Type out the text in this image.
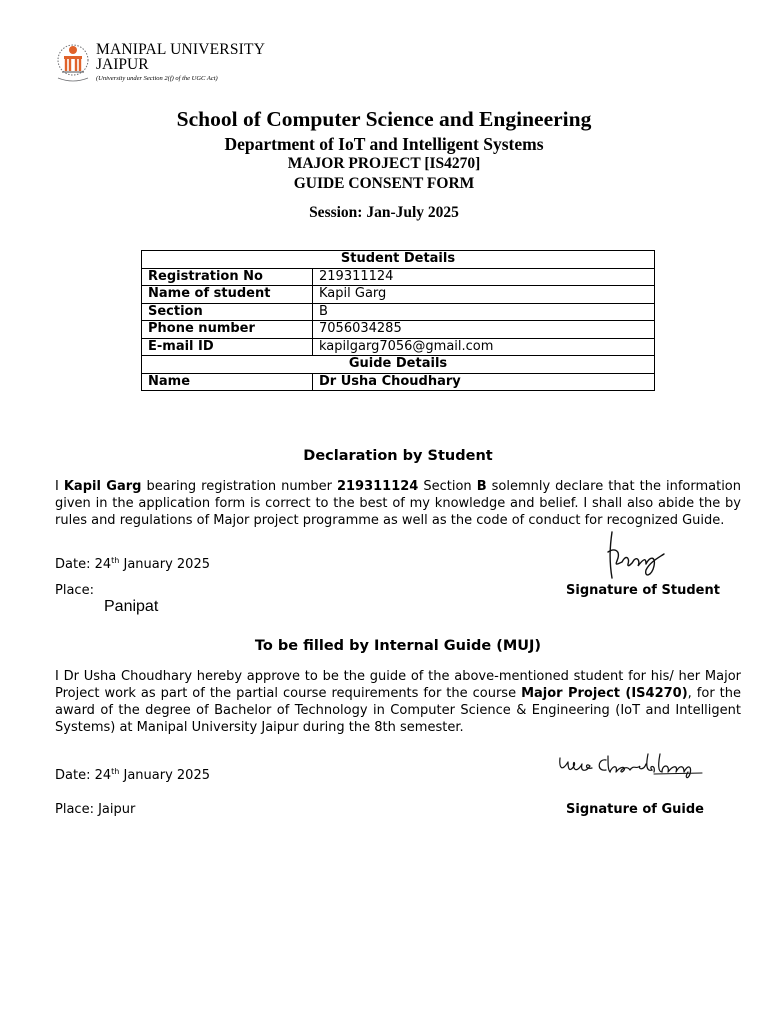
MANIPAL UNIVERSITY
JAIPUR
(University under Section 2(f) of the UGC Act)
School of Computer Science and Engineering
Department of IoT and Intelligent Systems
MAJOR PROJECT [IS4270]
GUIDE CONSENT FORM
Session: Jan-July 2025
Student Details	
Registration No	219311124
Name of student	Kapil Garg
Section	B
Phone number	7056034285
E-mail ID	kapilgarg7056@gmail.com
Guide Details	
Name	Dr Usha Choudhary
Declaration by Student

I Kapil Garg bearing registration number 219311124 Section B solemnly declare that the information given in the application form is correct to the best of my knowledge and belief. I shall also abide the by rules and regulations of Major project programme as well as the code of conduct for recognized Guide.

Date: 24th January 2025
Place:
Panipat
Signature of Student
To be filled by Internal Guide (MUJ)

I Dr Usha Choudhary hereby approve to be the guide of the above-mentioned student for his/ her Major Project work as part of the partial course requirements for the course Major Project (IS4270), for the award of the degree of Bachelor of Technology in Computer Science & Engineering (IoT and Intelligent Systems) at Manipal University Jaipur during the 8th semester.

Date: 24th January 2025
Place: Jaipur	Signature of Guide
